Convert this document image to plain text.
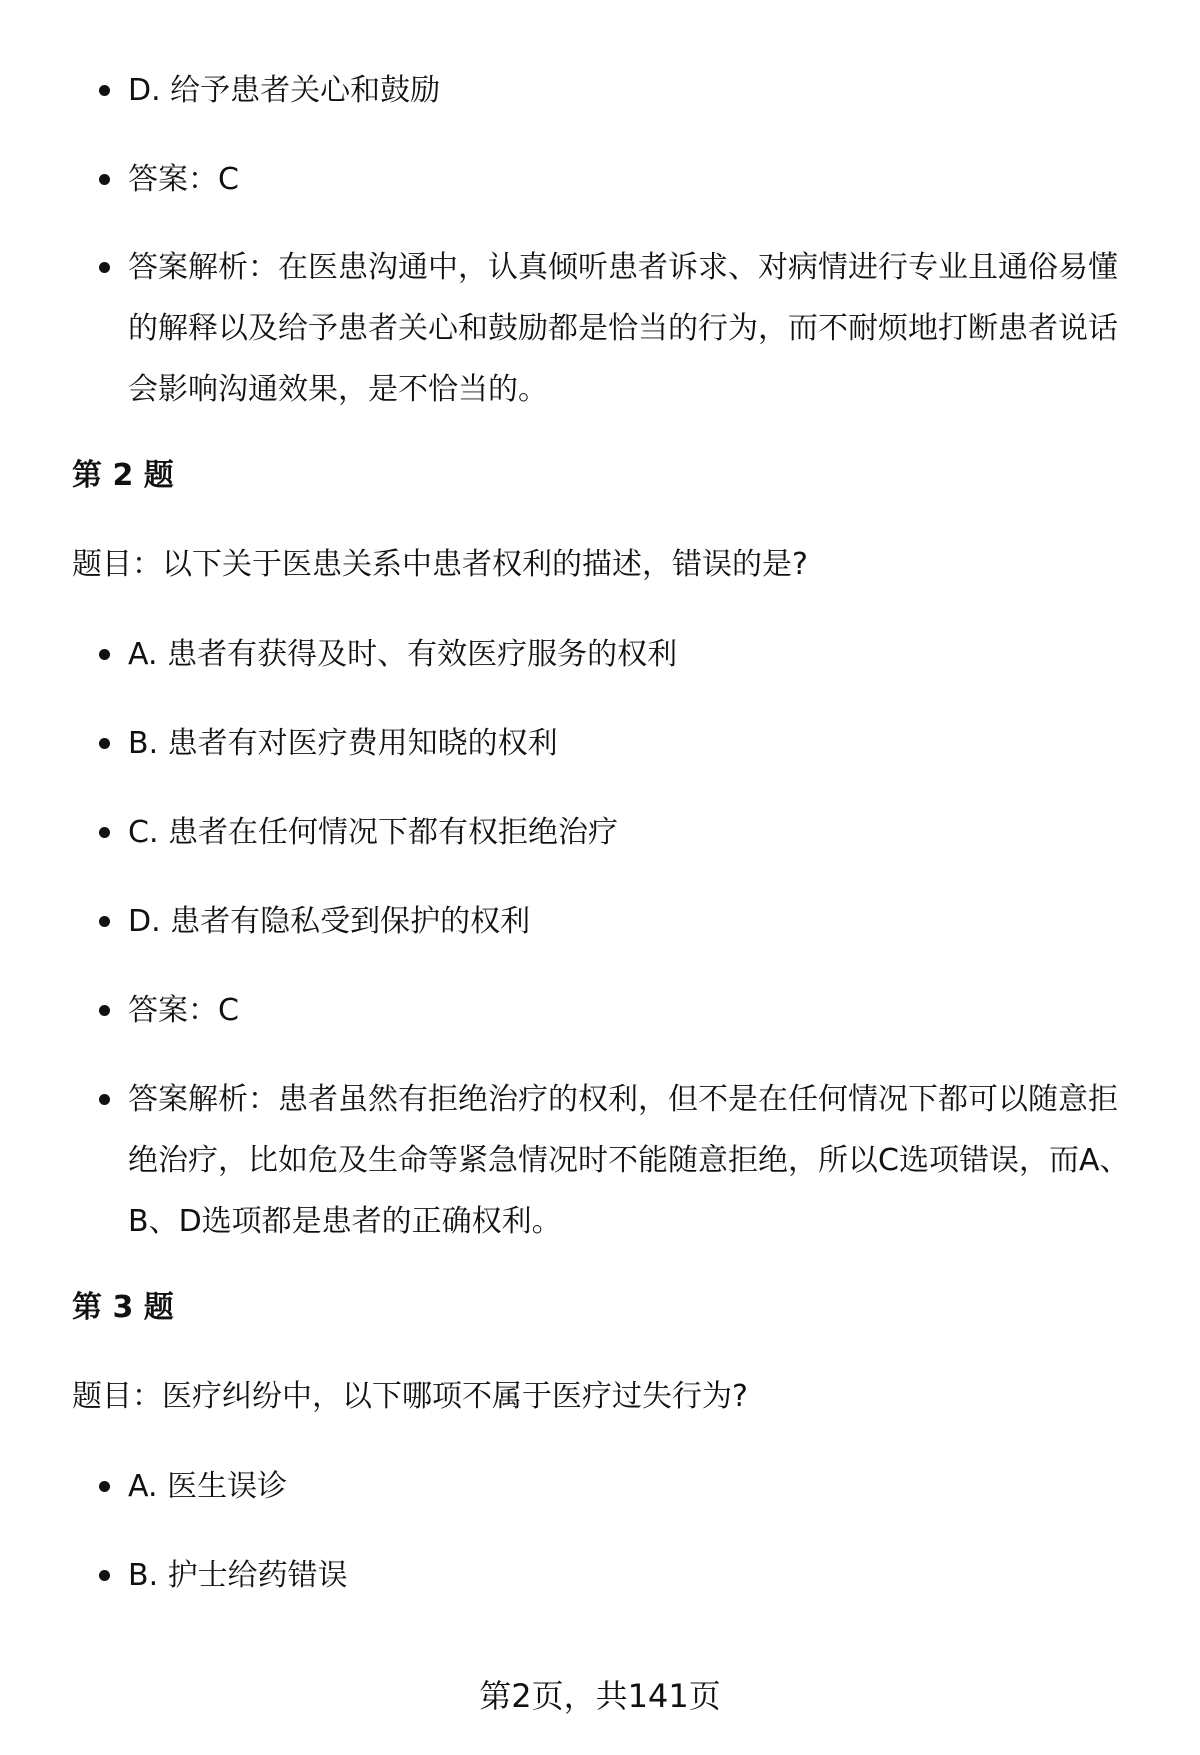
D. 给予患者关心和鼓励
答案：C
答案解析：在医患沟通中，认真倾听患者诉求、对病情进行专业且通俗易懂的解释以及给予患者关心和鼓励都是恰当的行为，而不耐烦地打断患者说话会影响沟通效果，是不恰当的。
第 2 题
题目：以下关于医患关系中患者权利的描述，错误的是?
A. 患者有获得及时、有效医疗服务的权利
B. 患者有对医疗费用知晓的权利
C. 患者在任何情况下都有权拒绝治疗
D. 患者有隐私受到保护的权利
答案：C
答案解析：患者虽然有拒绝治疗的权利，但不是在任何情况下都可以随意拒绝治疗，比如危及生命等紧急情况时不能随意拒绝，所以C选项错误，而A、B、D选项都是患者的正确权利。
第 3 题
题目：医疗纠纷中，以下哪项不属于医疗过失行为?
A. 医生误诊
B. 护士给药错误
第2页，共141页
